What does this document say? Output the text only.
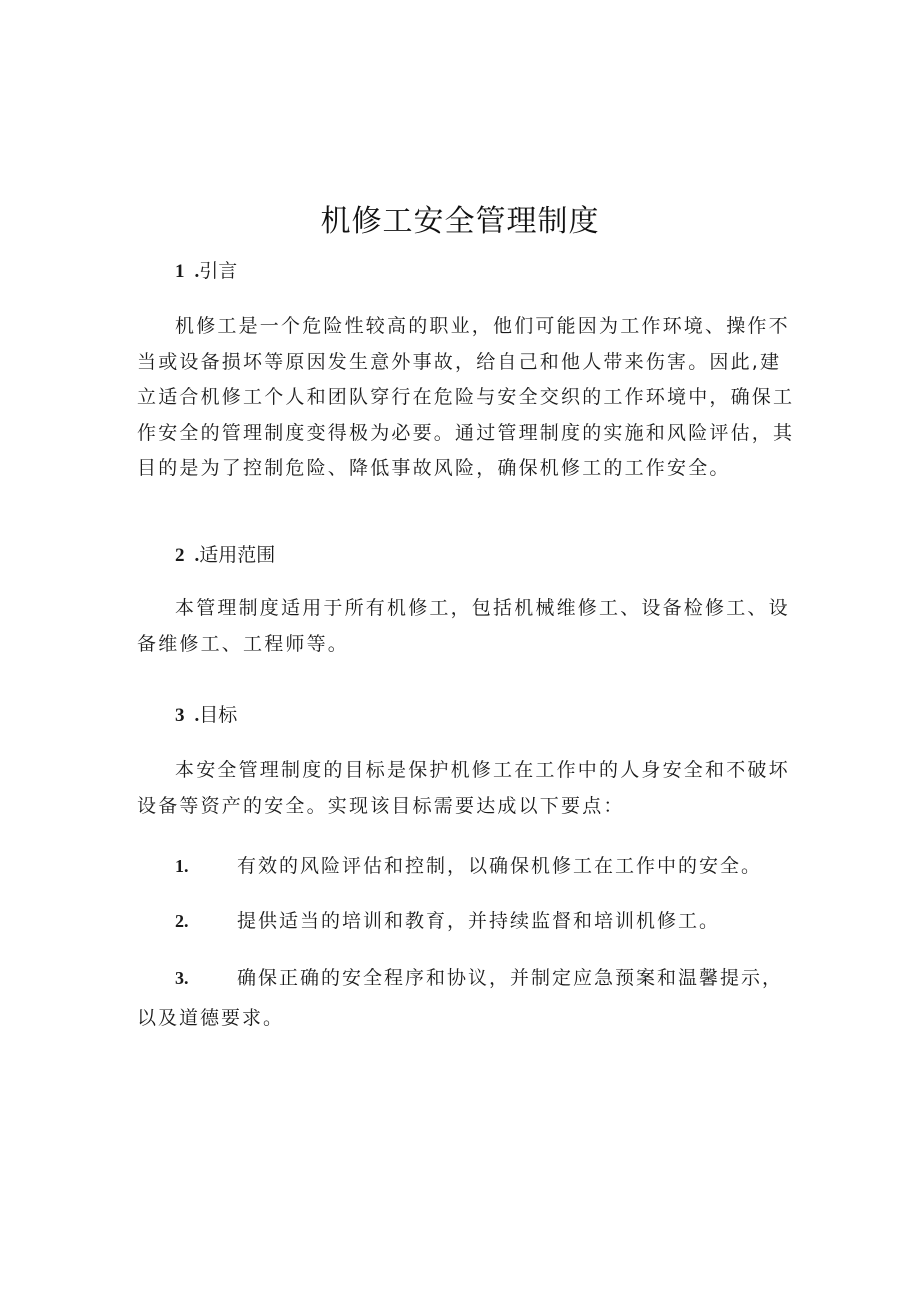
机修工安全管理制度
1 .引言
机修工是一个危险性较高的职业，他们可能因为工作环境、操作不当或设备损坏等原因发生意外事故，给自己和他人带来伤害。因此,建立适合机修工个人和团队穿行在危险与安全交织的工作环境中，确保工作安全的管理制度变得极为必要。通过管理制度的实施和风险评估，其目的是为了控制危险、降低事故风险，确保机修工的工作安全。
2 .适用范围
本管理制度适用于所有机修工，包括机械维修工、设备检修工、设备维修工、工程师等。
3 .目标
本安全管理制度的目标是保护机修工在工作中的人身安全和不破坏设备等资产的安全。实现该目标需要达成以下要点：
1.	有效的风险评估和控制，以确保机修工在工作中的安全。
2.	提供适当的培训和教育，并持续监督和培训机修工。
3.	确保正确的安全程序和协议，并制定应急预案和温馨提示，以及道德要求。
